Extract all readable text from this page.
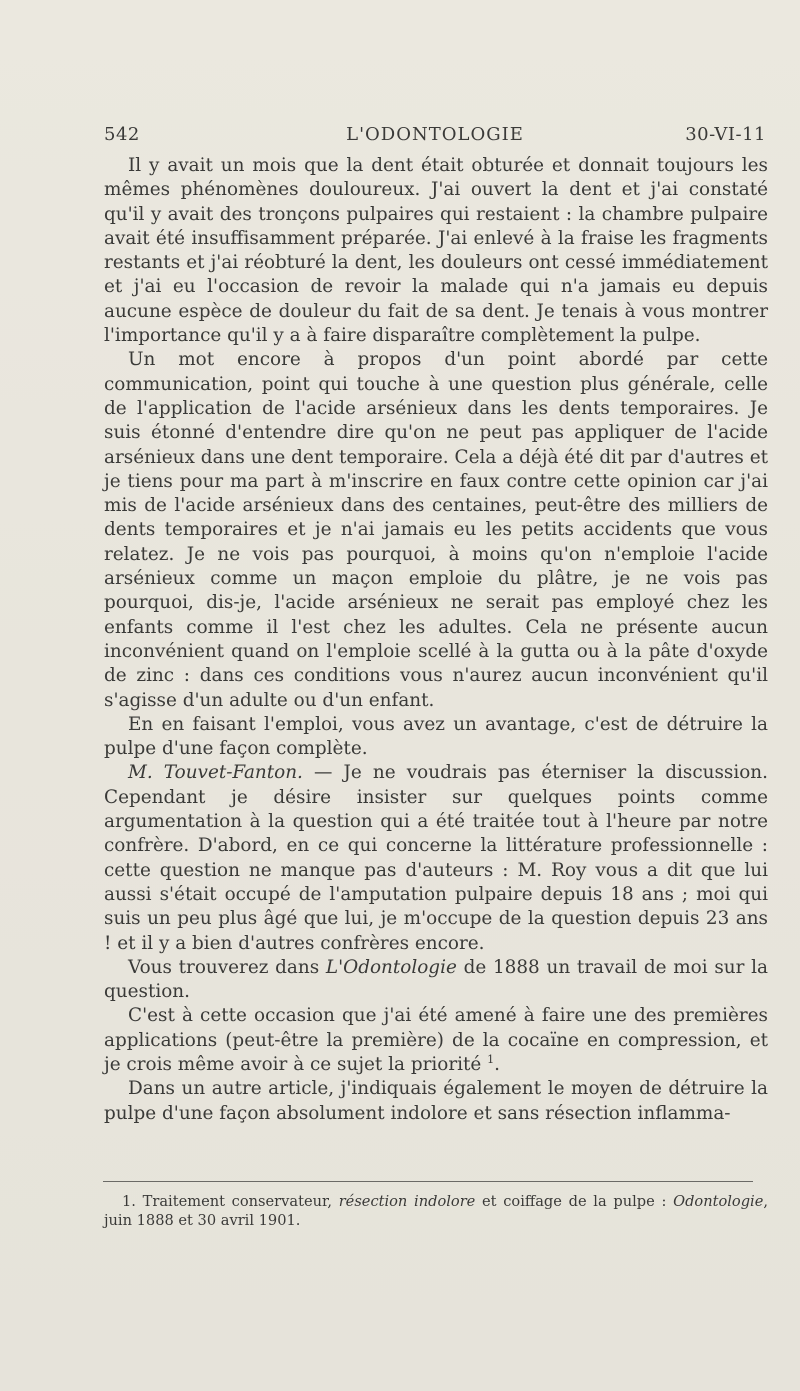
542	L'ODONTOLOGIE	30-VI-11

Il y avait un mois que la dent était obturée et donnait toujours les mêmes phénomènes douloureux. J'ai ouvert la dent et j'ai constaté qu'il y avait des tronçons pulpaires qui restaient : la chambre pulpaire avait été insuffisamment préparée. J'ai enlevé à la fraise les fragments restants et j'ai réobturé la dent, les douleurs ont cessé immédiatement et j'ai eu l'occasion de revoir la malade qui n'a jamais eu depuis aucune espèce de douleur du fait de sa dent. Je tenais à vous montrer l'importance qu'il y a à faire disparaître complètement la pulpe.

Un mot encore à propos d'un point abordé par cette communication, point qui touche à une question plus générale, celle de l'application de l'acide arsénieux dans les dents temporaires. Je suis étonné d'entendre dire qu'on ne peut pas appliquer de l'acide arsénieux dans une dent temporaire. Cela a déjà été dit par d'autres et je tiens pour ma part à m'inscrire en faux contre cette opinion car j'ai mis de l'acide arsénieux dans des centaines, peut-être des milliers de dents temporaires et je n'ai jamais eu les petits accidents que vous relatez. Je ne vois pas pourquoi, à moins qu'on n'emploie l'acide arsénieux comme un maçon emploie du plâtre, je ne vois pas pourquoi, dis-je, l'acide arsénieux ne serait pas employé chez les enfants comme il l'est chez les adultes. Cela ne présente aucun inconvénient quand on l'emploie scellé à la gutta ou à la pâte d'oxyde de zinc : dans ces conditions vous n'aurez aucun inconvénient qu'il s'agisse d'un adulte ou d'un enfant.

En en faisant l'emploi, vous avez un avantage, c'est de détruire la pulpe d'une façon complète.

M. Touvet-Fanton. — Je ne voudrais pas éterniser la discussion. Cependant je désire insister sur quelques points comme argumentation à la question qui a été traitée tout à l'heure par notre confrère. D'abord, en ce qui concerne la littérature professionnelle : cette question ne manque pas d'auteurs : M. Roy vous a dit que lui aussi s'était occupé de l'amputation pulpaire depuis 18 ans ; moi qui suis un peu plus âgé que lui, je m'occupe de la question depuis 23 ans ! et il y a bien d'autres confrères encore.

Vous trouverez dans L'Odontologie de 1888 un travail de moi sur la question.

C'est à cette occasion que j'ai été amené à faire une des premières applications (peut-être la première) de la cocaïne en compression, et je crois même avoir à ce sujet la priorité $^1$.

Dans un autre article, j'indiquais également le moyen de détruire la pulpe d'une façon absolument indolore et sans résection inflamma-

1. Traitement conservateur, résection indolore et coiffage de la pulpe : Odontologie, juin 1888 et 30 avril 1901.
